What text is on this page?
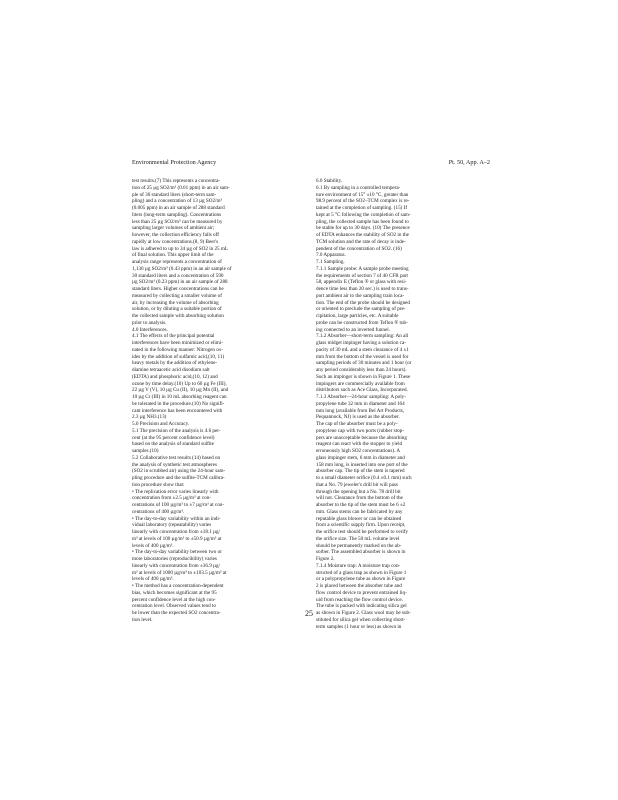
Environmental Protection Agency	Pt. 50, App. A–2

test results.(7) This represents a concentra-

tion of 25 µg SO2/m³ (0.01 ppm) in an air sam-

ple of 30 standard liters (short-term sam-

pling) and a concentration of 13 µg SO2/m³

(0.005 ppm) in an air sample of 288 standard

liters (long-term sampling). Concentrations

less than 25 µg SO2/m³ can be measured by

sampling larger volumes of ambient air;

however, the collection efficiency falls off

rapidly at low concentrations.(8, 9) Beer's

law is adhered to up to 34 µg of SO2 in 25 mL

of final solution. This upper limit of the

analysis range represents a concentration of

1,130 µg SO2/m³ (0.43 ppm) in an air sample of

30 standard liters and a concentration of 590

µg SO2/m³ (0.23 ppm) in an air sample of 288

standard liters. Higher concentrations can be

measured by collecting a smaller volume of

air, by increasing the volume of absorbing

solution, or by diluting a suitable portion of

the collected sample with absorbing solution

prior to analysis.

4.0 Interferences.

4.1 The effects of the principal potential

interferences have been minimized or elimi-

nated in the following manner: Nitrogen ox-

ides by the addition of sulfamic acid,(10, 11)

heavy metals by the addition of ethylene-

diamine tetraacetic acid disodium salt

(EDTA) and phosphoric acid,(10, 12) and

ozone by time delay.(10) Up to 60 µg Fe (III),

22 µg V (V), 10 µg Cu (II), 10 µg Mn (II), and

10 µg Cr (III) in 10 mL absorbing reagent can

be tolerated in the procedure.(10) No signifi-

cant interference has been encountered with

2.3 µg NH3.(13)

5.0 Precision and Accuracy.

5.1 The precision of the analysis is 4.6 per-

cent (at the 95 percent confidence level)

based on the analysis of standard sulfite

samples.(10)

5.2 Collaborative test results (14) based on

the analysis of synthetic test atmospheres

(SO2 in scrubbed air) using the 24-hour sam-

pling procedure and the sulfite-TCM calibra-

tion procedure show that:

• The replication error varies linearly with

concentration from ±2.5 µg/m³ at con-

centrations of 100 µg/m³ to ±7 µg/m³ at con-

centrations of 400 µg/m³.

• The day-to-day variability within an indi-

vidual laboratory (repeatability) varies

linearly with concentration from ±18.1 µg/

m³ at levels of 100 µg/m³ to ±50.9 µg/m³ at

levels of 400 µg/m³.

• The day-to-day variability between two or

more laboratories (reproducibility) varies

linearly with concentration from ±36.9 µg/

m³ at levels of 1000 µg/m³ to ±103.5 µg/m³ at

levels of 400 µg/m³.

• The method has a concentration-dependent

bias, which becomes significant at the 95

percent confidence level at the high con-

centration level. Observed values tend to

be lower than the expected SO2 concentra-

tion level.

6.0 Stability.

6.1 By sampling in a controlled tempera-

ture environment of 15° ±10 °C, greater than

98.9 percent of the SO2–TCM complex is re-

tained at the completion of sampling. (15) If

kept at 5 °C following the completion of sam-

pling, the collected sample has been found to

be stable for up to 30 days. (10) The presence

of EDTA enhances the stability of SO2 in the

TCM solution and the rate of decay is inde-

pendent of the concentration of SO2. (16)

7.0 Apparatus.

7.1 Sampling.

7.1.1 Sample probe: A sample probe meeting

the requirements of section 7 of 40 CFR part

58, appendix E (Teflon ® or glass with resi-

dence time less than 20 sec.) is used to trans-

port ambient air to the sampling train loca-

tion. The end of the probe should be designed

or oriented to preclude the sampling of pre-

cipitation, large particles, etc. A suitable

probe can be constructed from Teflon ® tub-

ing connected to an inverted funnel.

7.1.2 Absorber—short-term sampling: An all

glass midget impinger having a solution ca-

pacity of 30 mL and a stem clearance of 4 ±1

mm from the bottom of the vessel is used for

sampling periods of 30 minutes and 1 hour (or

any period considerably less than 24 hours).

Such an impinger is shown in Figure 1. These

impingers are commercially available from

distributors such as Ace Glass, Incorporated.

7.1.3 Absorber—24-hour sampling: A poly-

propylene tube 32 mm in diameter and 164

mm long (available from Bel Art Products,

Pequannock, NJ) is used as the absorber.

The cap of the absorber must be a poly-

propylene cap with two ports (rubber stop-

pers are unacceptable because the absorbing

reagent can react with the stopper to yield

erroneously high SO2 concentrations). A

glass impinger stem, 6 mm in diameter and

158 mm long, is inserted into one port of the

absorber cap. The tip of the stem is tapered

to a small diameter orifice (0.4 ±0.1 mm) such

that a No. 79 jeweler's drill bit will pass

through the opening but a No. 78 drill bit

will not. Clearance from the bottom of the

absorber to the tip of the stem must be 6 ±2

mm. Glass stems can be fabricated by any

reputable glass blower or can be obtained

from a scientific supply firm. Upon receipt,

the orifice test should be performed to verify

the orifice size. The 50 mL volume level

should be permanently marked on the ab-

sorber. The assembled absorber is shown in

Figure 2.

7.1.4 Moisture trap: A moisture trap con-

structed of a glass trap as shown in Figure 1

or a polypropylene tube as shown in Figure

2 is placed between the absorber tube and

flow control device to prevent entrained liq-

uid from reaching the flow control device.

The tube is packed with indicating silica gel

as shown in Figure 2. Glass wool may be sub-

stituted for silica gel when collecting short-

term samples (1 hour or less) as shown in

25
